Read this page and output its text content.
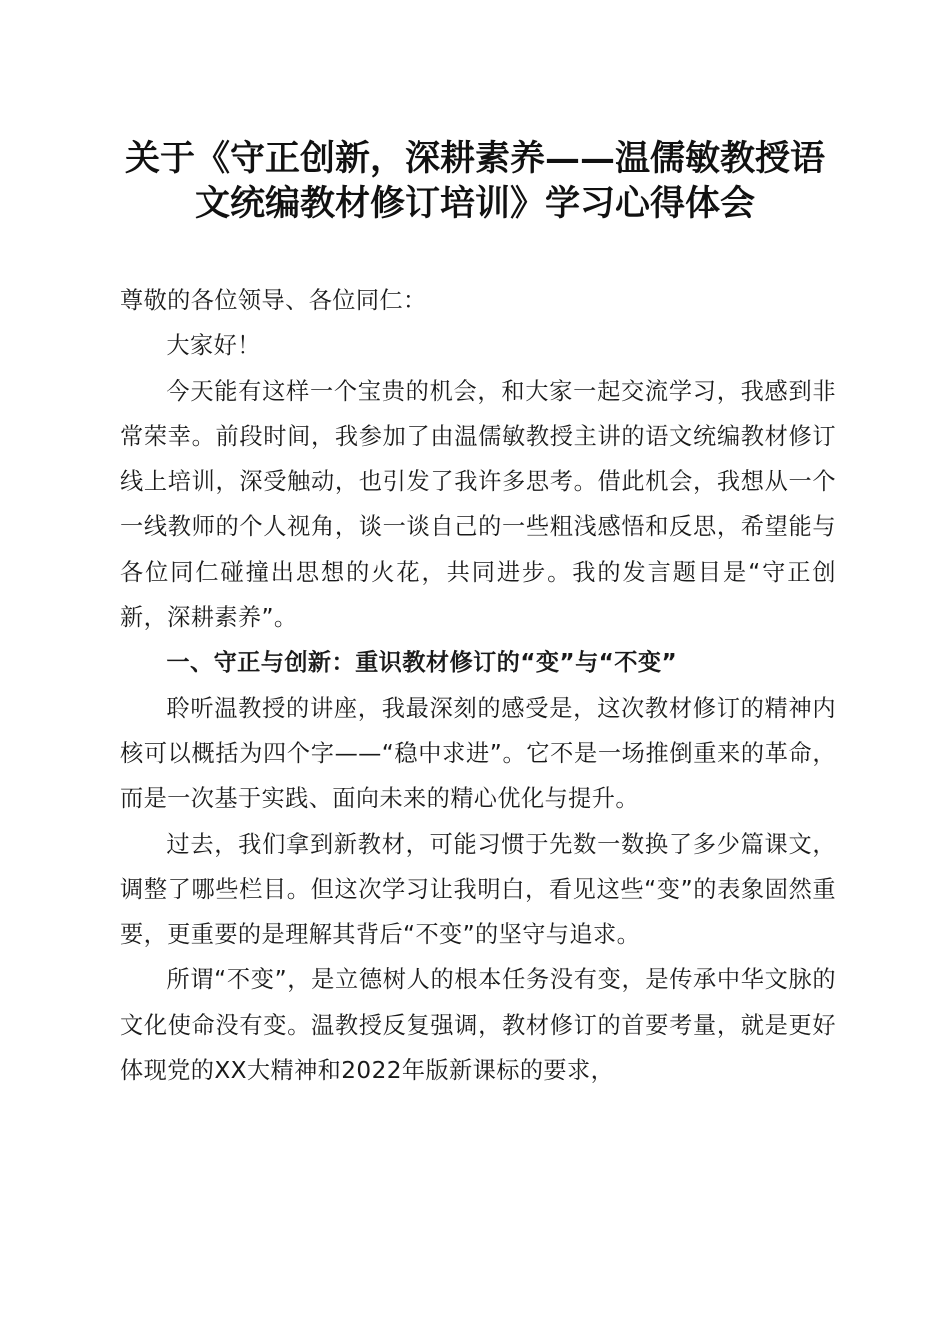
关于《守正创新，深耕素养——温儒敏教授语
文统编教材修订培训》学习心得体会

尊敬的各位领导、各位同仁：

大家好！

今天能有这样一个宝贵的机会，和大家一起交流学习，我感到非常荣幸。前段时间，我参加了由温儒敏教授主讲的语文统编教材修订线上培训，深受触动，也引发了我许多思考。借此机会，我想从一个一线教师的个人视角，谈一谈自己的一些粗浅感悟和反思，希望能与各位同仁碰撞出思想的火花，共同进步。我的发言题目是“守正创新，深耕素养”。

一、守正与创新：重识教材修订的“变”与“不变”

聆听温教授的讲座，我最深刻的感受是，这次教材修订的精神内核可以概括为四个字——“稳中求进”。它不是一场推倒重来的革命，而是一次基于实践、面向未来的精心优化与提升。

过去，我们拿到新教材，可能习惯于先数一数换了多少篇课文，调整了哪些栏目。但这次学习让我明白，看见这些“变”的表象固然重要，更重要的是理解其背后“不变”的坚守与追求。

所谓“不变”，是立德树人的根本任务没有变，是传承中华文脉的文化使命没有变。温教授反复强调，教材修订的首要考量，就是更好体现党的XX大精神和2022年版新课标的要求，
